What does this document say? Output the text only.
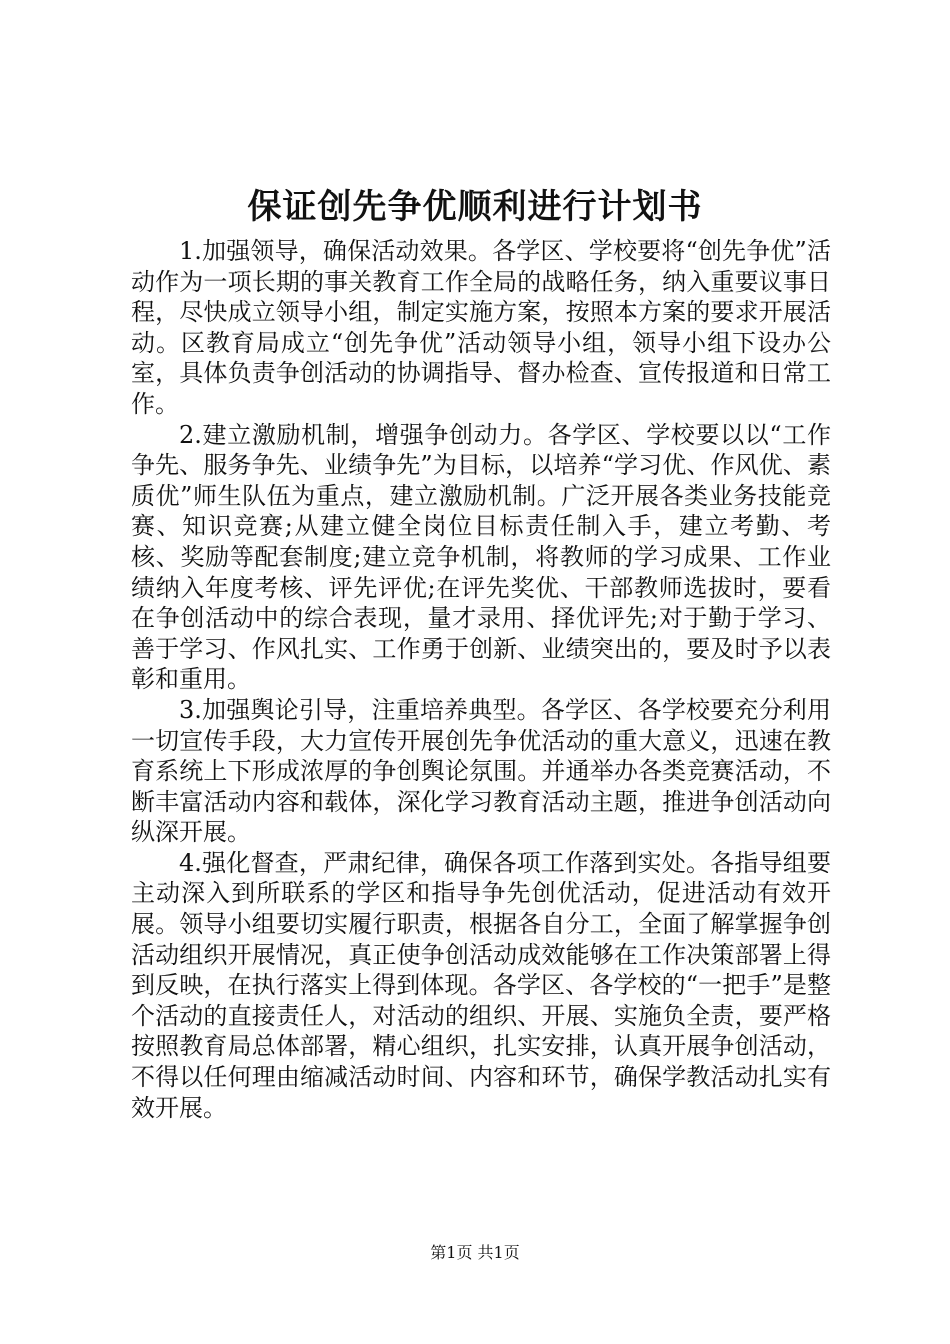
保证创先争优顺利进行计划书

1.加强领导，确保活动效果。各学区、学校要将“创先争优”活动作为一项长期的事关教育工作全局的战略任务，纳入重要议事日程，尽快成立领导小组，制定实施方案，按照本方案的要求开展活动。区教育局成立“创先争优”活动领导小组，领导小组下设办公室，具体负责争创活动的协调指导、督办检查、宣传报道和日常工作。

2.建立激励机制，增强争创动力。各学区、学校要以以“工作争先、服务争先、业绩争先”为目标，以培养“学习优、作风优、素质优”师生队伍为重点，建立激励机制。广泛开展各类业务技能竞赛、知识竞赛;从建立健全岗位目标责任制入手，建立考勤、考核、奖励等配套制度;建立竞争机制，将教师的学习成果、工作业绩纳入年度考核、评先评优;在评先奖优、干部教师选拔时，要看在争创活动中的综合表现，量才录用、择优评先;对于勤于学习、善于学习、作风扎实、工作勇于创新、业绩突出的，要及时予以表彰和重用。

3.加强舆论引导，注重培养典型。各学区、各学校要充分利用一切宣传手段，大力宣传开展创先争优活动的重大意义，迅速在教育系统上下形成浓厚的争创舆论氛围。并通举办各类竞赛活动，不断丰富活动内容和载体，深化学习教育活动主题，推进争创活动向纵深开展。

4.强化督查，严肃纪律，确保各项工作落到实处。各指导组要主动深入到所联系的学区和指导争先创优活动，促进活动有效开展。领导小组要切实履行职责，根据各自分工，全面了解掌握争创活动组织开展情况，真正使争创活动成效能够在工作决策部署上得到反映，在执行落实上得到体现。各学区、各学校的“一把手”是整个活动的直接责任人，对活动的组织、开展、实施负全责，要严格按照教育局总体部署，精心组织，扎实安排，认真开展争创活动，不得以任何理由缩减活动时间、内容和环节，确保学教活动扎实有效开展。

第1页 共1页
